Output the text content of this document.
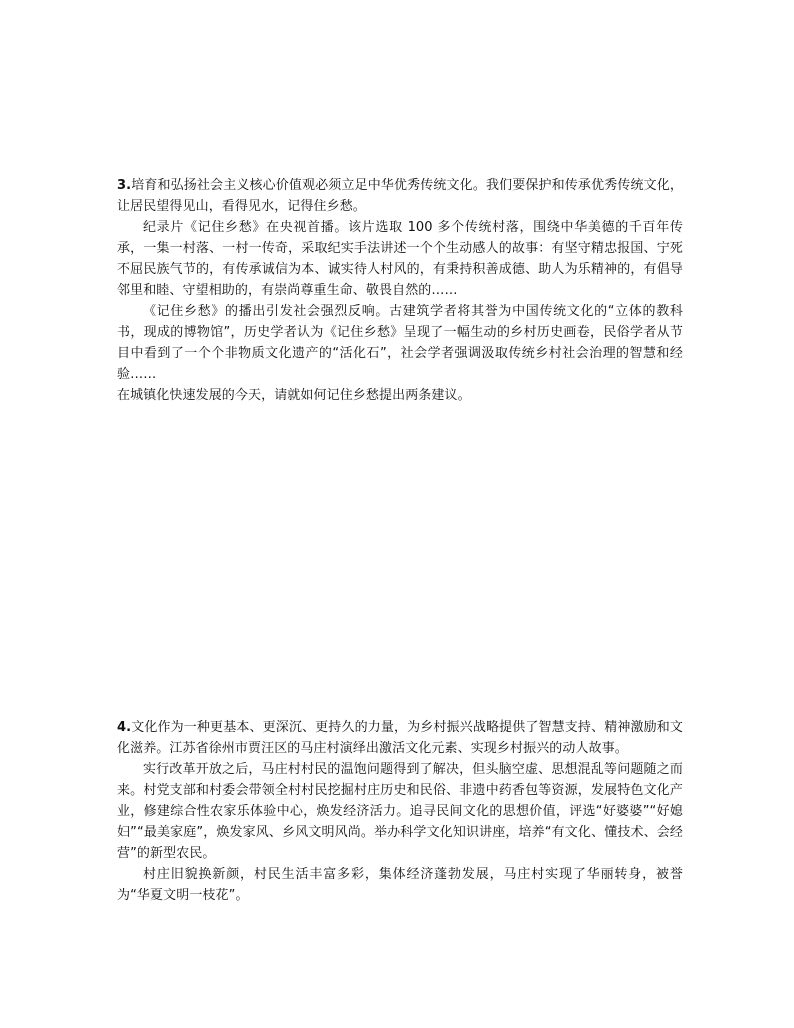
3.培育和弘扬社会主义核心价值观必须立足中华优秀传统文化。我们要保护和传承优秀传统文化，让居民望得见山，看得见水，记得住乡愁。

纪录片《记住乡愁》在央视首播。该片选取 100 多个传统村落，围绕中华美德的千百年传承，一集一村落、一村一传奇，采取纪实手法讲述一个个生动感人的故事：有坚守精忠报国、宁死不屈民族气节的，有传承诚信为本、诚实待人村风的，有秉持积善成德、助人为乐精神的，有倡导邻里和睦、守望相助的，有崇尚尊重生命、敬畏自然的……

《记住乡愁》的播出引发社会强烈反响。古建筑学者将其誉为中国传统文化的“立体的教科书，现成的博物馆”，历史学者认为《记住乡愁》呈现了一幅生动的乡村历史画卷，民俗学者从节目中看到了一个个非物质文化遗产的“活化石”，社会学者强调汲取传统乡村社会治理的智慧和经验……

在城镇化快速发展的今天，请就如何记住乡愁提出两条建议。

4.文化作为一种更基本、更深沉、更持久的力量，为乡村振兴战略提供了智慧支持、精神激励和文化滋养。江苏省徐州市贾汪区的马庄村演绎出激活文化元素、实现乡村振兴的动人故事。

实行改革开放之后，马庄村村民的温饱问题得到了解决，但头脑空虚、思想混乱等问题随之而来。村党支部和村委会带领全村村民挖掘村庄历史和民俗、非遗中药香包等资源，发展特色文化产业，修建综合性农家乐体验中心，焕发经济活力。追寻民间文化的思想价值，评选“好婆婆”“好媳妇”“最美家庭”，焕发家风、乡风文明风尚。举办科学文化知识讲座，培养“有文化、懂技术、会经营”的新型农民。

村庄旧貌换新颜，村民生活丰富多彩，集体经济蓬勃发展，马庄村实现了华丽转身，被誉为“华夏文明一枝花”。
